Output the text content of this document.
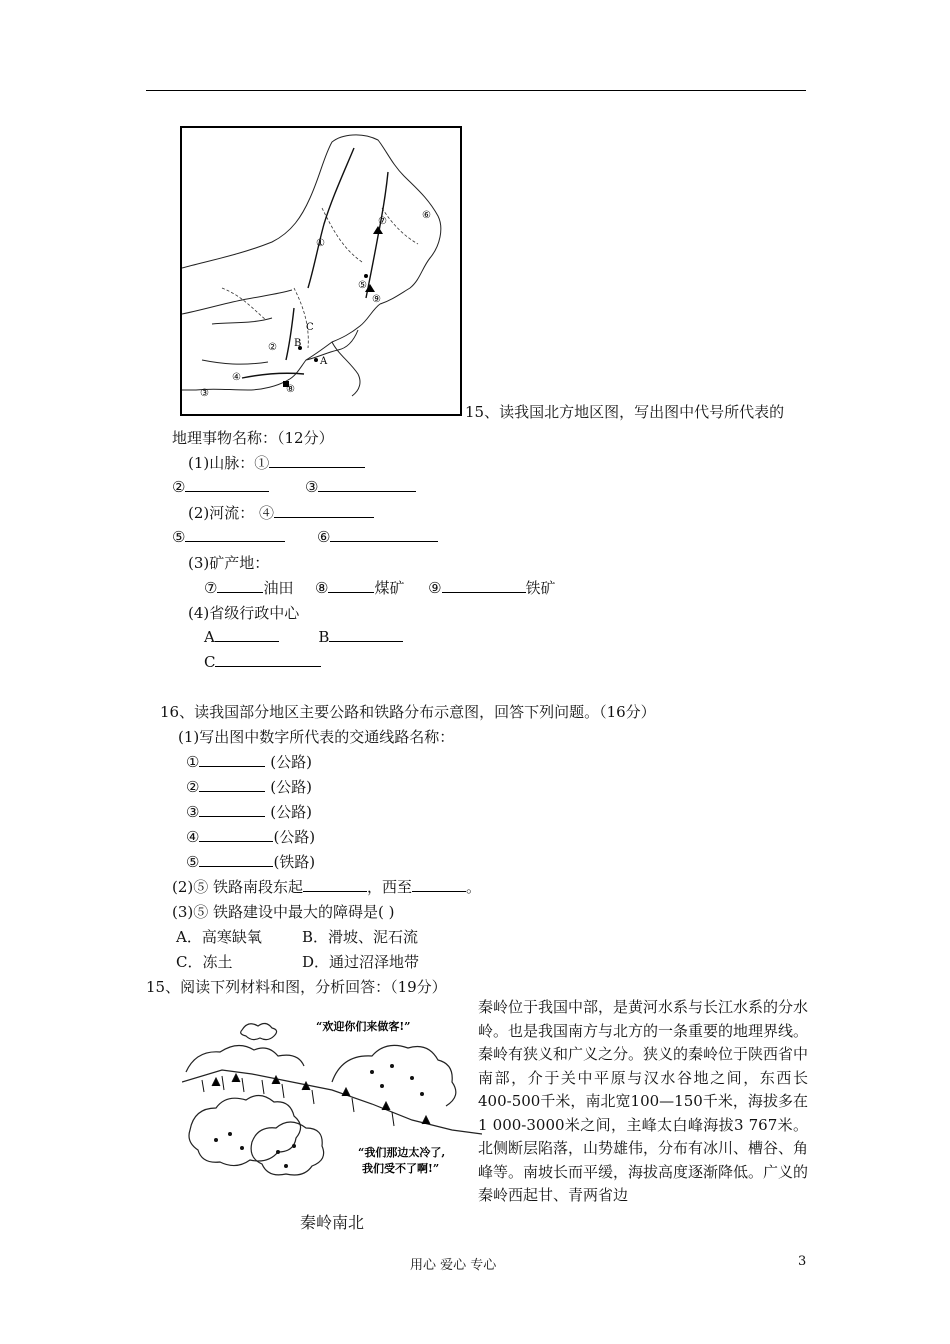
①
⑤
⑥
⑦
⑧
⑨
④
③
②
A
B
C
15、读我国北方地区图，写出图中代号所代表的
地理事物名称：（12分）
(1)山脉：①
②	③
(2)河流： ④
⑤	⑥
(3)矿产地：
⑦	油田 ⑧	煤矿 ⑨	铁矿
(4)省级行政中心
A	B
C
16、读我国部分地区主要公路和铁路分布示意图，回答下列问题。（16分）
(1)写出图中数字所代表的交通线路名称：
①	(公路)
②	(公路)
③	(公路)
④	(公路)
⑤	(铁路)
(2)⑤ 铁路南段东起	，西至	。
(3)⑤ 铁路建设中最大的障碍是( )
A．高寒缺氧	B．滑坡、泥石流
C．冻土	D．通过沼泽地带
15、阅读下列材料和图，分析回答：（19分）
“欢迎你们来做客!”
“我们那边太冷了,
我们受不了啊!”
秦岭南北
秦岭位于我国中部，是黄河水系与长江水系的分水岭。也是我国南方与北方的一条重要的地理界线。秦岭有狭义和广义之分。狭义的秦岭位于陕西省中南部，介于关中平原与汉水谷地之间，东西长400-500千米，南北宽100—150千米，海拔多在1 000-3000米之间，主峰太白峰海拔3 767米。北侧断层陷落，山势雄伟，分布有冰川、槽谷、角峰等。南坡长而平缓，海拔高度逐渐降低。广义的秦岭西起甘、青两省边
用心 爱心 专心	3
